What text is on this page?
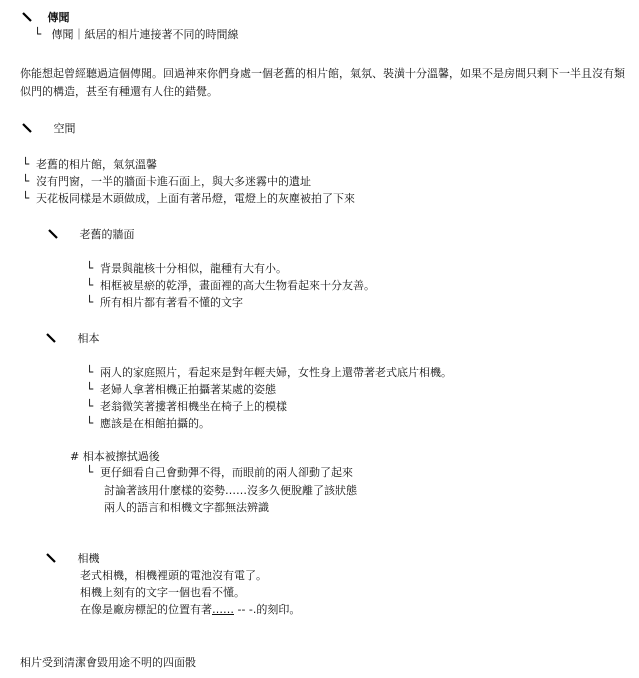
傳聞
└ 傳聞｜紙居的相片連接著不同的時間線
你能想起曾經聽過這個傳聞。回過神來你們身處一個老舊的相片館，氣氛、裝潢十分溫馨，如果不是房間只剩下一半且沒有類似門的構造，甚至有種還有人住的錯覺。
空間
└ 老舊的相片館，氣氛溫馨
└ 沒有門窗，一半的牆面卡進石面上，與大多迷霧中的遺址
└ 天花板同樣是木頭做成，上面有著吊燈，電燈上的灰塵被拍了下來
老舊的牆面
└ 背景與龍核十分相似，龍種有大有小。
└ 相框被星瘀的乾淨，畫面裡的高大生物看起來十分友善。
└ 所有相片都有著看不懂的文字
相本
└ 兩人的家庭照片，看起來是對年輕夫婦，女性身上還帶著老式底片相機。
└ 老婦人拿著相機正拍攝著某處的姿態
└ 老翁微笑著摟著相機坐在椅子上的模樣
└ 應該是在相館拍攝的。
# 相本被擦拭過後
└ 更仔細看自己會動彈不得，而眼前的兩人卻動了起來
討論著該用什麼樣的姿勢……沒多久便脫離了該狀態
兩人的語言和相機文字都無法辨識
相機
老式相機，相機裡頭的電池沒有電了。
相機上刻有的文字一個也看不懂。
在像是廠房標記的位置有著…… -- -.的刻印。
相片受到清潔會毀用途不明的四面骰
